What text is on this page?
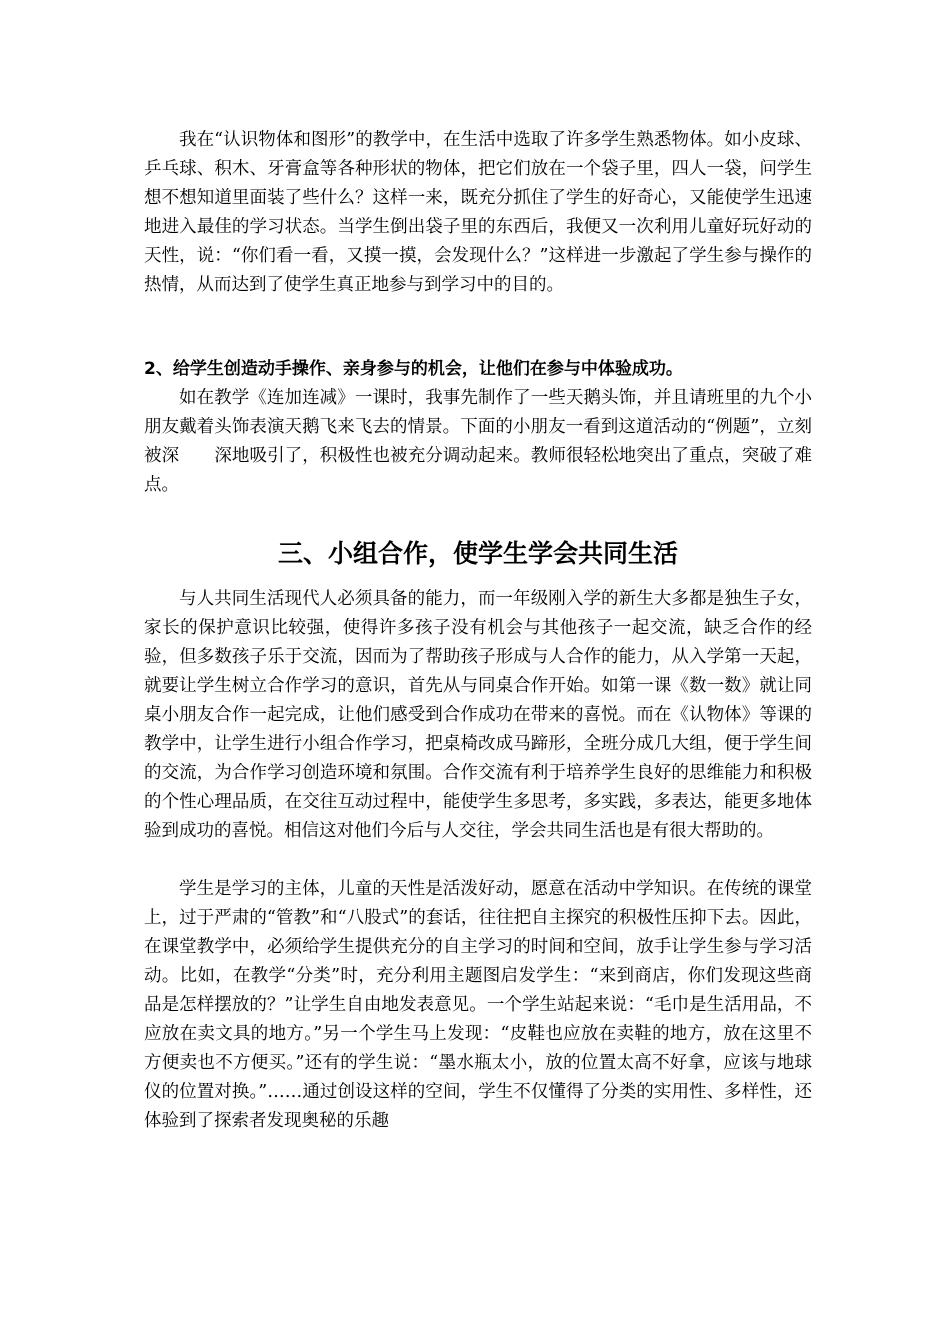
我在“认识物体和图形”的教学中，在生活中选取了许多学生熟悉物体。如小皮球、乒乓球、积木、牙膏盒等各种形状的物体，把它们放在一个袋子里，四人一袋，问学生想不想知道里面装了些什么？这样一来，既充分抓住了学生的好奇心，又能使学生迅速地进入最佳的学习状态。当学生倒出袋子里的东西后，我便又一次利用儿童好玩好动的天性，说：“你们看一看，又摸一摸，会发现什么？”这样进一步激起了学生参与操作的热情，从而达到了使学生真正地参与到学习中的目的。

2、给学生创造动手操作、亲身参与的机会，让他们在参与中体验成功。

如在教学《连加连减》一课时，我事先制作了一些天鹅头饰，并且请班里的九个小朋友戴着头饰表演天鹅飞来飞去的情景。下面的小朋友一看到这道活动的“例题”，立刻被深　　深地吸引了，积极性也被充分调动起来。教师很轻松地突出了重点，突破了难点。

三、小组合作，使学生学会共同生活

与人共同生活现代人必须具备的能力，而一年级刚入学的新生大多都是独生子女，家长的保护意识比较强，使得许多孩子没有机会与其他孩子一起交流，缺乏合作的经验，但多数孩子乐于交流，因而为了帮助孩子形成与人合作的能力，从入学第一天起，就要让学生树立合作学习的意识，首先从与同桌合作开始。如第一课《数一数》就让同桌小朋友合作一起完成，让他们感受到合作成功在带来的喜悦。而在《认物体》等课的教学中，让学生进行小组合作学习，把桌椅改成马蹄形，全班分成几大组，便于学生间的交流，为合作学习创造环境和氛围。合作交流有利于培养学生良好的思维能力和积极的个性心理品质，在交往互动过程中，能使学生多思考，多实践，多表达，能更多地体验到成功的喜悦。相信这对他们今后与人交往，学会共同生活也是有很大帮助的。

学生是学习的主体，儿童的天性是活泼好动，愿意在活动中学知识。在传统的课堂上，过于严肃的“管教”和“八股式”的套话，往往把自主探究的积极性压抑下去。因此，在课堂教学中，必须给学生提供充分的自主学习的时间和空间，放手让学生参与学习活动。比如，在教学“分类”时，充分利用主题图启发学生：“来到商店，你们发现这些商品是怎样摆放的？”让学生自由地发表意见。一个学生站起来说：“毛巾是生活用品，不应放在卖文具的地方。”另一个学生马上发现：“皮鞋也应放在卖鞋的地方，放在这里不方便卖也不方便买。”还有的学生说：“墨水瓶太小，放的位置太高不好拿，应该与地球仪的位置对换。”……通过创设这样的空间，学生不仅懂得了分类的实用性、多样性，还体验到了探索者发现奥秘的乐趣
